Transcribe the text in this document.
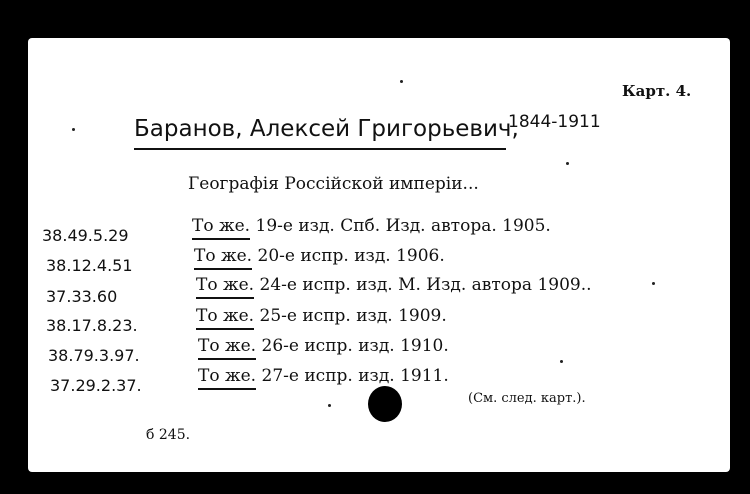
Карт. 4.
Баранов, Алексей Григорьевич,
1844-1911
Географія Россійской имперіи...
38.49.5.29
38.12.4.51
37.33.60
38.17.8.23.
38.79.3.97.
37.29.2.37.
То же. 19-е изд. Спб. Изд. автора. 1905.
То же. 20-е испр. изд. 1906.
То же. 24-е испр. изд. М. Изд. автора 1909..
То же. 25-е испр. изд. 1909.
То же. 26-е испр. изд. 1910.
То же. 27-е испр. изд. 1911.
(См. след. карт.).
б 245.
